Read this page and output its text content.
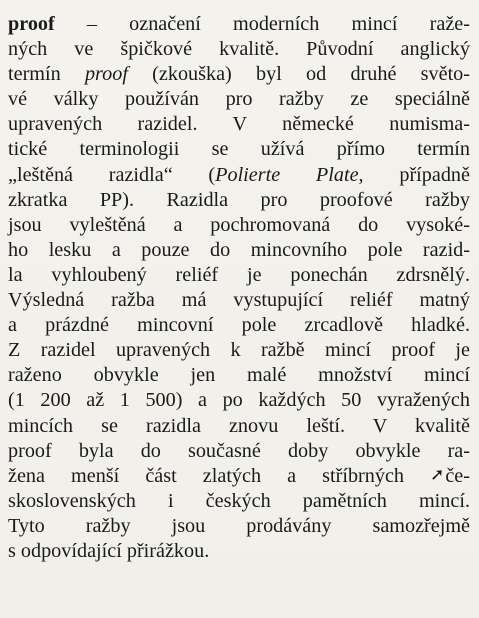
proof – označení moderních mincí raže-
ných ve špičkové kvalitě. Původní anglický
termín proof (zkouška) byl od druhé světo-
vé války používán pro ražby ze speciálně
upravených razidel. V německé numisma-
tické terminologii se užívá přímo termín
„leštěná razidla“ (Polierte Plate, případně
zkratka PP). Razidla pro proofové ražby
jsou vyleštěná a pochromovaná do vysoké-
ho lesku a pouze do mincovního pole razid-
la vyhloubený reliéf je ponechán zdrsnělý.
Výsledná ražba má vystupující reliéf matný
a prázdné mincovní pole zrcadlově hladké.
Z razidel upravených k ražbě mincí proof je
raženo obvykle jen malé množství mincí
(1 200 až 1 500) a po každých 50 vyražených
mincích se razidla znovu leští. V kvalitě
proof byla do současné doby obvykle ra-
žena menší část zlatých a stříbrných ➚če-
skoslovenských i českých pamětních mincí.
Tyto ražby jsou prodávány samozřejmě
s odpovídající přirážkou.
